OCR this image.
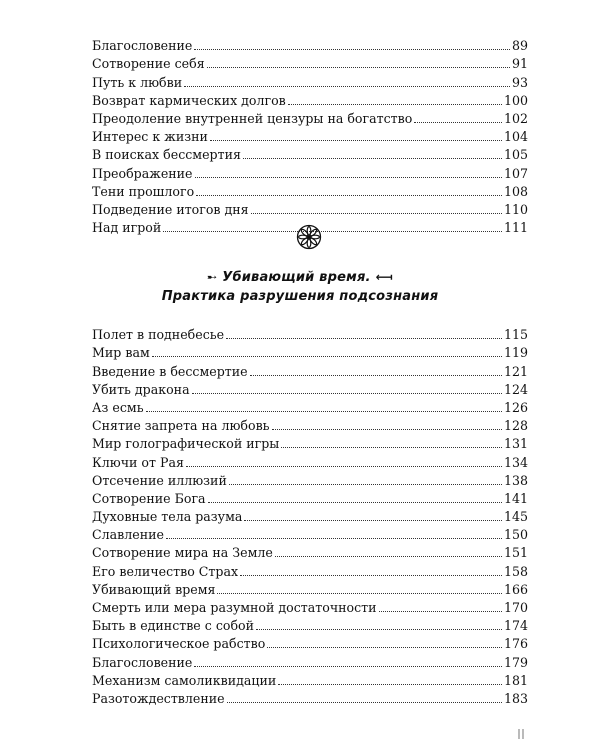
Благословение	89
Сотворение себя	91
Путь к любви	93
Возврат кармических долгов	100
Преодоление внутренней цензуры на богатство	102
Интерес к жизни	104
В поисках бессмертия	105
Преображение	107
Тени прошлого	108
Подведение итогов дня	110
Над игрой	111
➸ Убивающий время. ⟻
Практика разрушения подсознания
Полет в поднебесье	115
Мир вам	119
Введение в бессмертие	121
Убить дракона	124
Аз есмь	126
Снятие запрета на любовь	128
Мир голографической игры	131
Ключи от Рая	134
Отсечение иллюзий	138
Сотворение Бога	141
Духовные тела разума	145
Славление	150
Сотворение мира на Земле	151
Его величество Страх	158
Убивающий время	166
Смерть или мера разумной достаточности	170
Быть в единстве с собой	174
Психологическое рабство	176
Благословение	179
Механизм самоликвидации	181
Разотождествление	183
